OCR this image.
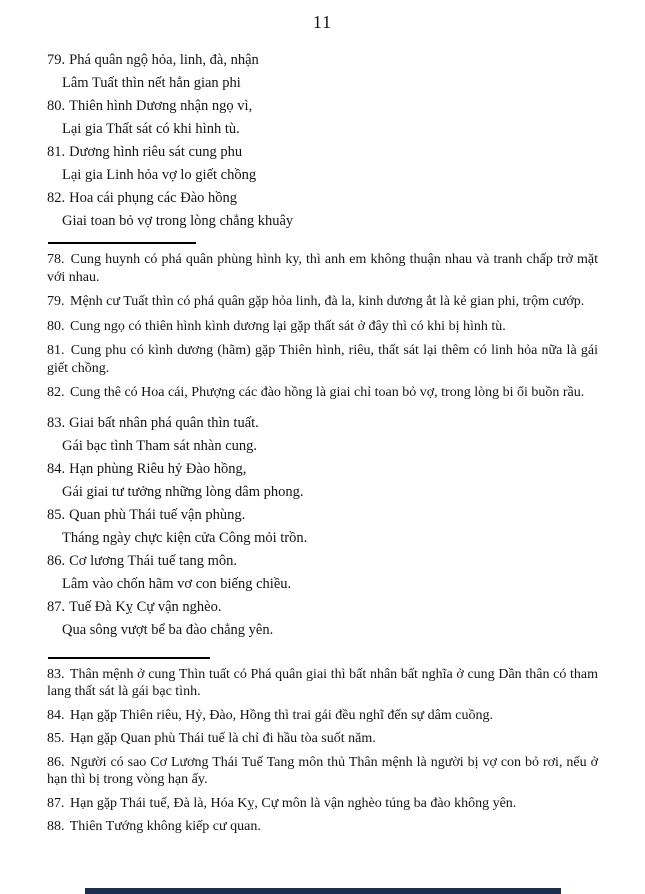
11
79. Phá quân ngộ hỏa, linh, đà, nhận
Lâm Tuất thìn nết hẳn gian phi
80. Thiên hình Dương nhận ngọ vì,
Lại gia Thất sát có khi hình tù.
81. Dương hình riêu sát cung phu
Lại gia Linh hỏa vợ lo giết chồng
82. Hoa cái phụng các Đào hồng
Giai toan bỏ vợ trong lòng chẳng khuây

78. Cung huynh có phá quân phùng hình ky, thì anh em không thuận nhau và tranh chấp trở mặt với nhau.

79. Mệnh cư Tuất thìn có phá quân gặp hỏa linh, đà la, kinh dương ắt là kẻ gian phi, trộm cướp.

80. Cung ngọ có thiên hình kình dương lại gặp thất sát ở đây thì có khi bị hình tù.

81. Cung phu có kình dương (hãm) gặp Thiên hình, riêu, thất sát lại thêm có linh hỏa nữa là gái giết chồng.

82. Cung thê có Hoa cái, Phượng các đào hồng là giai chỉ toan bỏ vợ, trong lòng bi ổi buồn rầu.

83. Giai bất nhân phá quân thìn tuất.
Gái bạc tình Tham sát nhàn cung.
84. Hạn phùng Riêu hỷ Đào hồng,
Gái giai tư tưởng những lòng dâm phong.
85. Quan phù Thái tuế vận phùng.
Tháng ngày chực kiện cửa Công mỏi trồn.
86. Cơ lương Thái tuế tang môn.
Lâm vào chốn hãm vơ con biếng chiều.
87. Tuế Đà Kỵ Cự vận nghèo.
Qua sông vượt bể ba đào chẳng yên.

83. Thân mệnh ở cung Thìn tuất có Phá quân giai thì bất nhân bất nghĩa ở cung Dần thân có tham lang thất sát là gái bạc tình.

84. Hạn gặp Thiên riêu, Hỷ, Đào, Hồng thì trai gái đều nghĩ đến sự dâm cuồng.

85. Hạn gặp Quan phù Thái tuế là chỉ đi hầu tòa suốt năm.

86. Người có sao Cơ Lương Thái Tuế Tang môn thủ Thân mệnh là người bị vợ con bỏ rơi, nếu ở hạn thì bị trong vòng hạn ấy.

87. Hạn gặp Thái tuế, Đà là, Hóa Kỵ, Cự môn là vận nghèo túng ba đào không yên.

88. Thiên Tướng không kiếp cư quan.
